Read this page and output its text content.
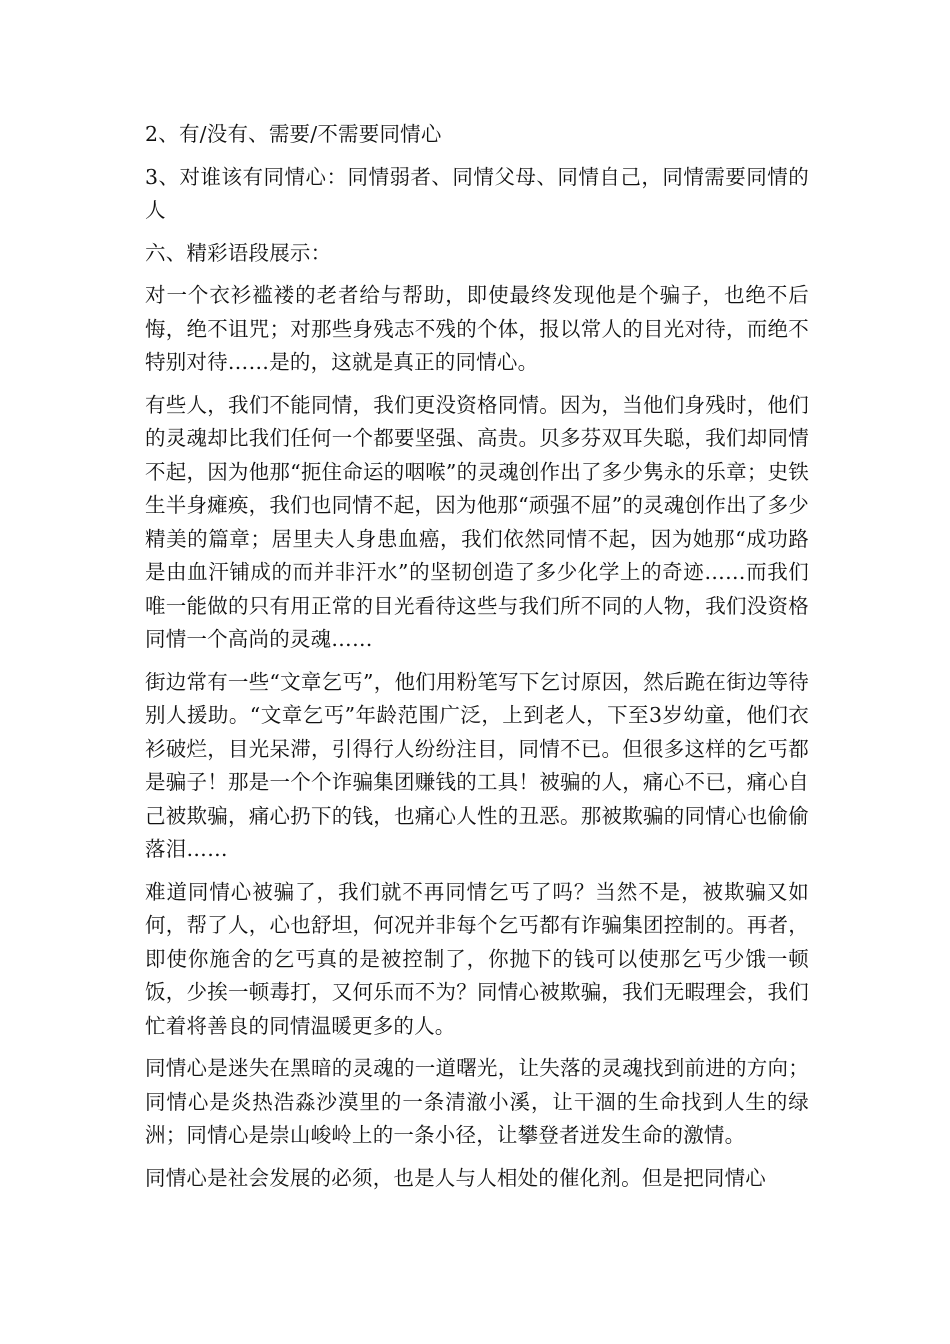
2、有/没有、需要/不需要同情心

3、对谁该有同情心：同情弱者、同情父母、同情自己，同情需要同情的人

六、精彩语段展示：

对一个衣衫褴褛的老者给与帮助，即使最终发现他是个骗子，也绝不后悔，绝不诅咒；对那些身残志不残的个体，报以常人的目光对待，而绝不特别对待……是的，这就是真正的同情心。

有些人，我们不能同情，我们更没资格同情。因为，当他们身残时，他们的灵魂却比我们任何一个都要坚强、高贵。贝多芬双耳失聪，我们却同情不起，因为他那“扼住命运的咽喉”的灵魂创作出了多少隽永的乐章；史铁生半身瘫痪，我们也同情不起，因为他那“顽强不屈”的灵魂创作出了多少精美的篇章；居里夫人身患血癌，我们依然同情不起，因为她那“成功路是由血汗铺成的而并非汗水”的坚韧创造了多少化学上的奇迹……而我们唯一能做的只有用正常的目光看待这些与我们所不同的人物，我们没资格同情一个高尚的灵魂……

街边常有一些“文章乞丐”，他们用粉笔写下乞讨原因，然后跪在街边等待别人援助。“文章乞丐”年龄范围广泛，上到老人，下至3岁幼童，他们衣衫破烂，目光呆滞，引得行人纷纷注目，同情不已。但很多这样的乞丐都是骗子！那是一个个诈骗集团赚钱的工具！被骗的人，痛心不已，痛心自己被欺骗，痛心扔下的钱，也痛心人性的丑恶。那被欺骗的同情心也偷偷落泪……

难道同情心被骗了，我们就不再同情乞丐了吗？当然不是，被欺骗又如何，帮了人，心也舒坦，何况并非每个乞丐都有诈骗集团控制的。再者，即使你施舍的乞丐真的是被控制了，你抛下的钱可以使那乞丐少饿一顿饭，少挨一顿毒打，又何乐而不为？同情心被欺骗，我们无暇理会，我们忙着将善良的同情温暖更多的人。

同情心是迷失在黑暗的灵魂的一道曙光，让失落的灵魂找到前进的方向；同情心是炎热浩淼沙漠里的一条清澈小溪，让干涸的生命找到人生的绿洲；同情心是崇山峻岭上的一条小径，让攀登者迸发生命的激情。

同情心是社会发展的必须，也是人与人相处的催化剂。但是把同情心
